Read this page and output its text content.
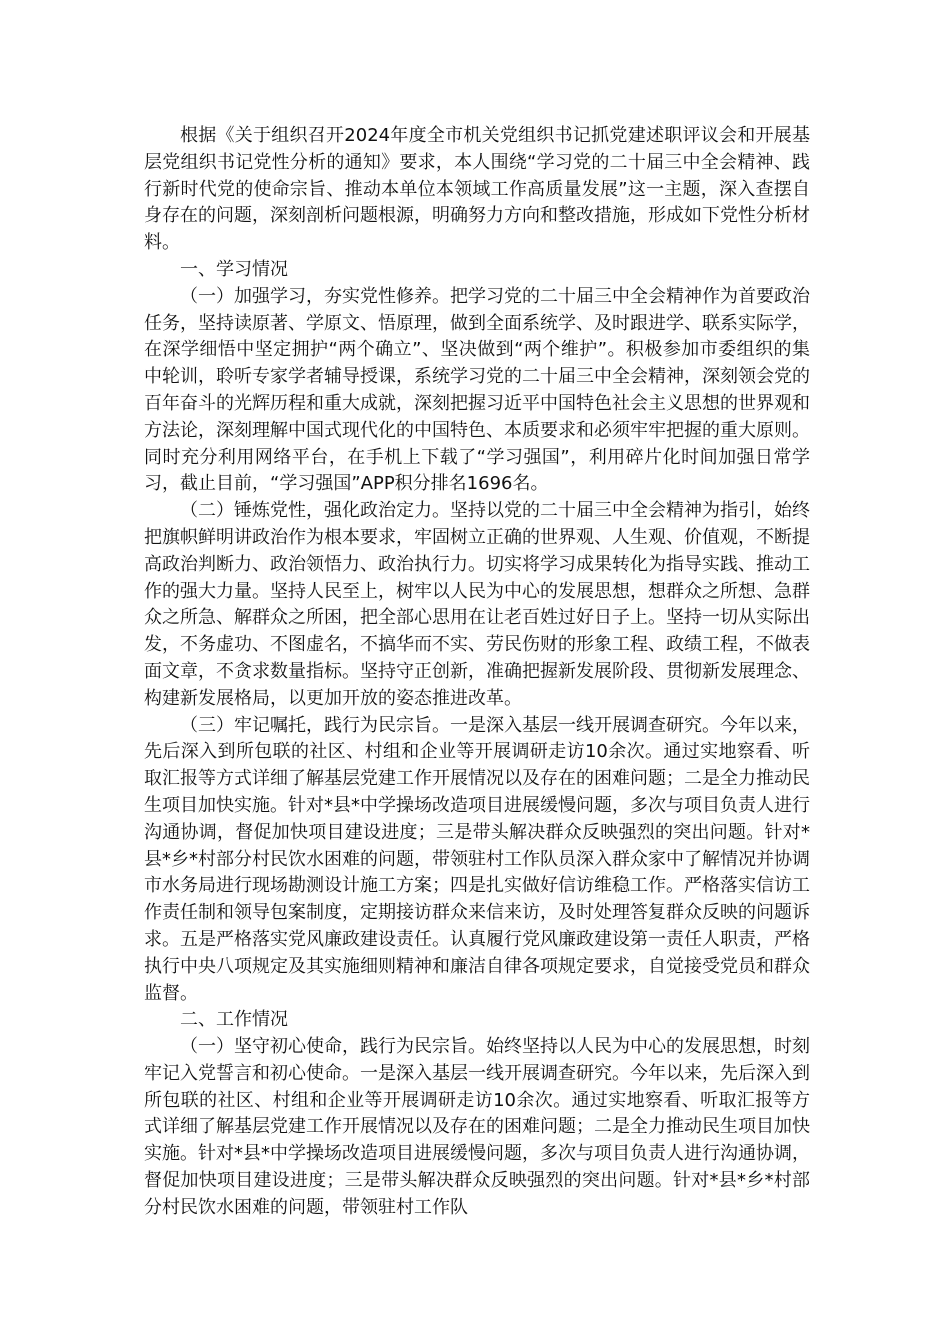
根据《关于组织召开2024年度全市机关党组织书记抓党建述职评议会和开展基层党组织书记党性分析的通知》要求，本人围绕“学习党的二十届三中全会精神、践行新时代党的使命宗旨、推动本单位本领域工作高质量发展”这一主题，深入查摆自身存在的问题，深刻剖析问题根源，明确努力方向和整改措施，形成如下党性分析材料。

一、学习情况

（一）加强学习，夯实党性修养。把学习党的二十届三中全会精神作为首要政治任务，坚持读原著、学原文、悟原理，做到全面系统学、及时跟进学、联系实际学，在深学细悟中坚定拥护“两个确立”、坚决做到“两个维护”。积极参加市委组织的集中轮训，聆听专家学者辅导授课，系统学习党的二十届三中全会精神，深刻领会党的百年奋斗的光辉历程和重大成就，深刻把握习近平中国特色社会主义思想的世界观和方法论，深刻理解中国式现代化的中国特色、本质要求和必须牢牢把握的重大原则。同时充分利用网络平台，在手机上下载了“学习强国”，利用碎片化时间加强日常学习，截止目前，“学习强国”APP积分排名1696名。

（二）锤炼党性，强化政治定力。坚持以党的二十届三中全会精神为指引，始终把旗帜鲜明讲政治作为根本要求，牢固树立正确的世界观、人生观、价值观，不断提高政治判断力、政治领悟力、政治执行力。切实将学习成果转化为指导实践、推动工作的强大力量。坚持人民至上，树牢以人民为中心的发展思想，想群众之所想、急群众之所急、解群众之所困，把全部心思用在让老百姓过好日子上。坚持一切从实际出发，不务虚功、不图虚名，不搞华而不实、劳民伤财的形象工程、政绩工程，不做表面文章，不贪求数量指标。坚持守正创新，准确把握新发展阶段、贯彻新发展理念、构建新发展格局，以更加开放的姿态推进改革。

（三）牢记嘱托，践行为民宗旨。一是深入基层一线开展调查研究。今年以来，先后深入到所包联的社区、村组和企业等开展调研走访10余次。通过实地察看、听取汇报等方式详细了解基层党建工作开展情况以及存在的困难问题；二是全力推动民生项目加快实施。针对*县*中学操场改造项目进展缓慢问题，多次与项目负责人进行沟通协调，督促加快项目建设进度；三是带头解决群众反映强烈的突出问题。针对*县*乡*村部分村民饮水困难的问题，带领驻村工作队员深入群众家中了解情况并协调市水务局进行现场勘测设计施工方案；四是扎实做好信访维稳工作。严格落实信访工作责任制和领导包案制度，定期接访群众来信来访，及时处理答复群众反映的问题诉求。五是严格落实党风廉政建设责任。认真履行党风廉政建设第一责任人职责，严格执行中央八项规定及其实施细则精神和廉洁自律各项规定要求，自觉接受党员和群众监督。

二、工作情况

（一）坚守初心使命，践行为民宗旨。始终坚持以人民为中心的发展思想，时刻牢记入党誓言和初心使命。一是深入基层一线开展调查研究。今年以来，先后深入到所包联的社区、村组和企业等开展调研走访10余次。通过实地察看、听取汇报等方式详细了解基层党建工作开展情况以及存在的困难问题；二是全力推动民生项目加快实施。针对*县*中学操场改造项目进展缓慢问题，多次与项目负责人进行沟通协调，督促加快项目建设进度；三是带头解决群众反映强烈的突出问题。针对*县*乡*村部分村民饮水困难的问题，带领驻村工作队
